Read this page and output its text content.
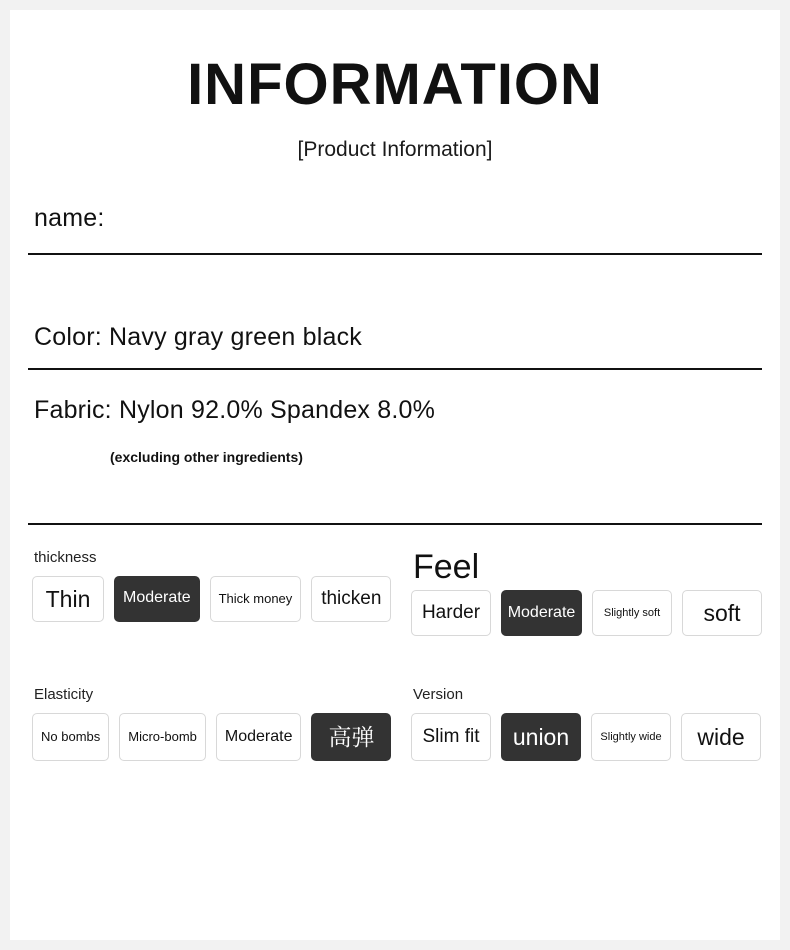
INFORMATION
[Product Information]
name:
Color: Navy gray green black
Fabric: Nylon 92.0% Spandex 8.0%
(excluding other ingredients)
thickness
Thin	Moderate	Thick money	thicken
Feel
Harder	Moderate	Slightly soft	soft
Elasticity
No bombs	Micro-bomb	Moderate	高弹
Version
Slim fit	union	Slightly wide	wide
